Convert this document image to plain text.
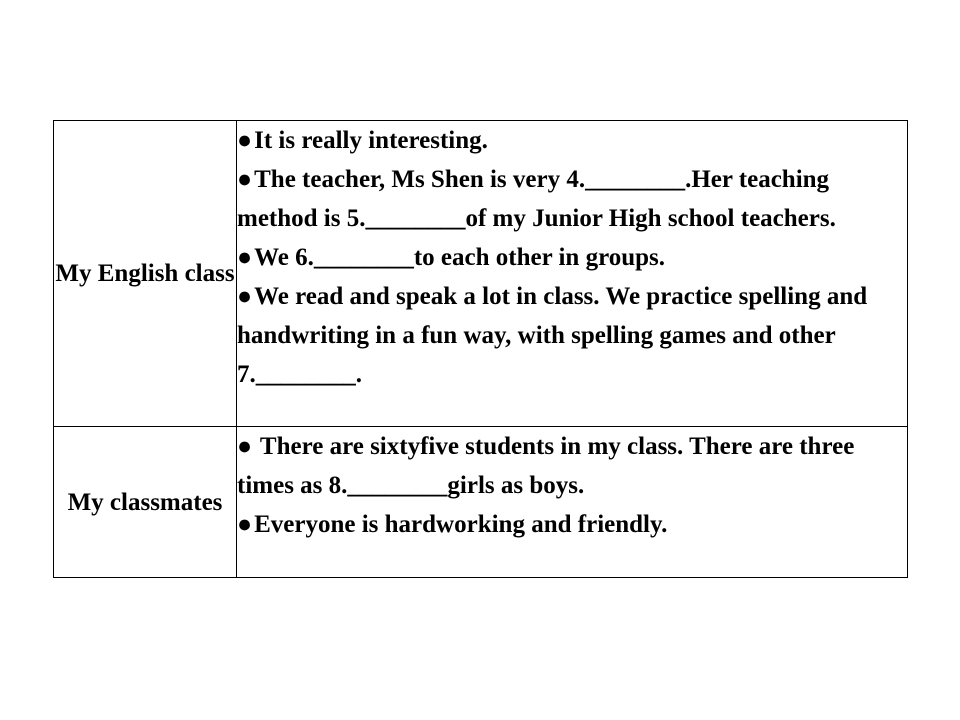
My English class	●It is really interesting.
●The teacher, Ms Shen is very 4.________.Her teaching method is 5.________of my Junior High school teachers.
●We 6.________to each other in groups.
●We read and speak a lot in class. We practice spelling and handwriting in a fun way, with spelling games and other 7.________.

My classmates	● There are sixtyfive students in my class. There are three times as 8.________girls as boys.
●Everyone is hardworking and friendly.
